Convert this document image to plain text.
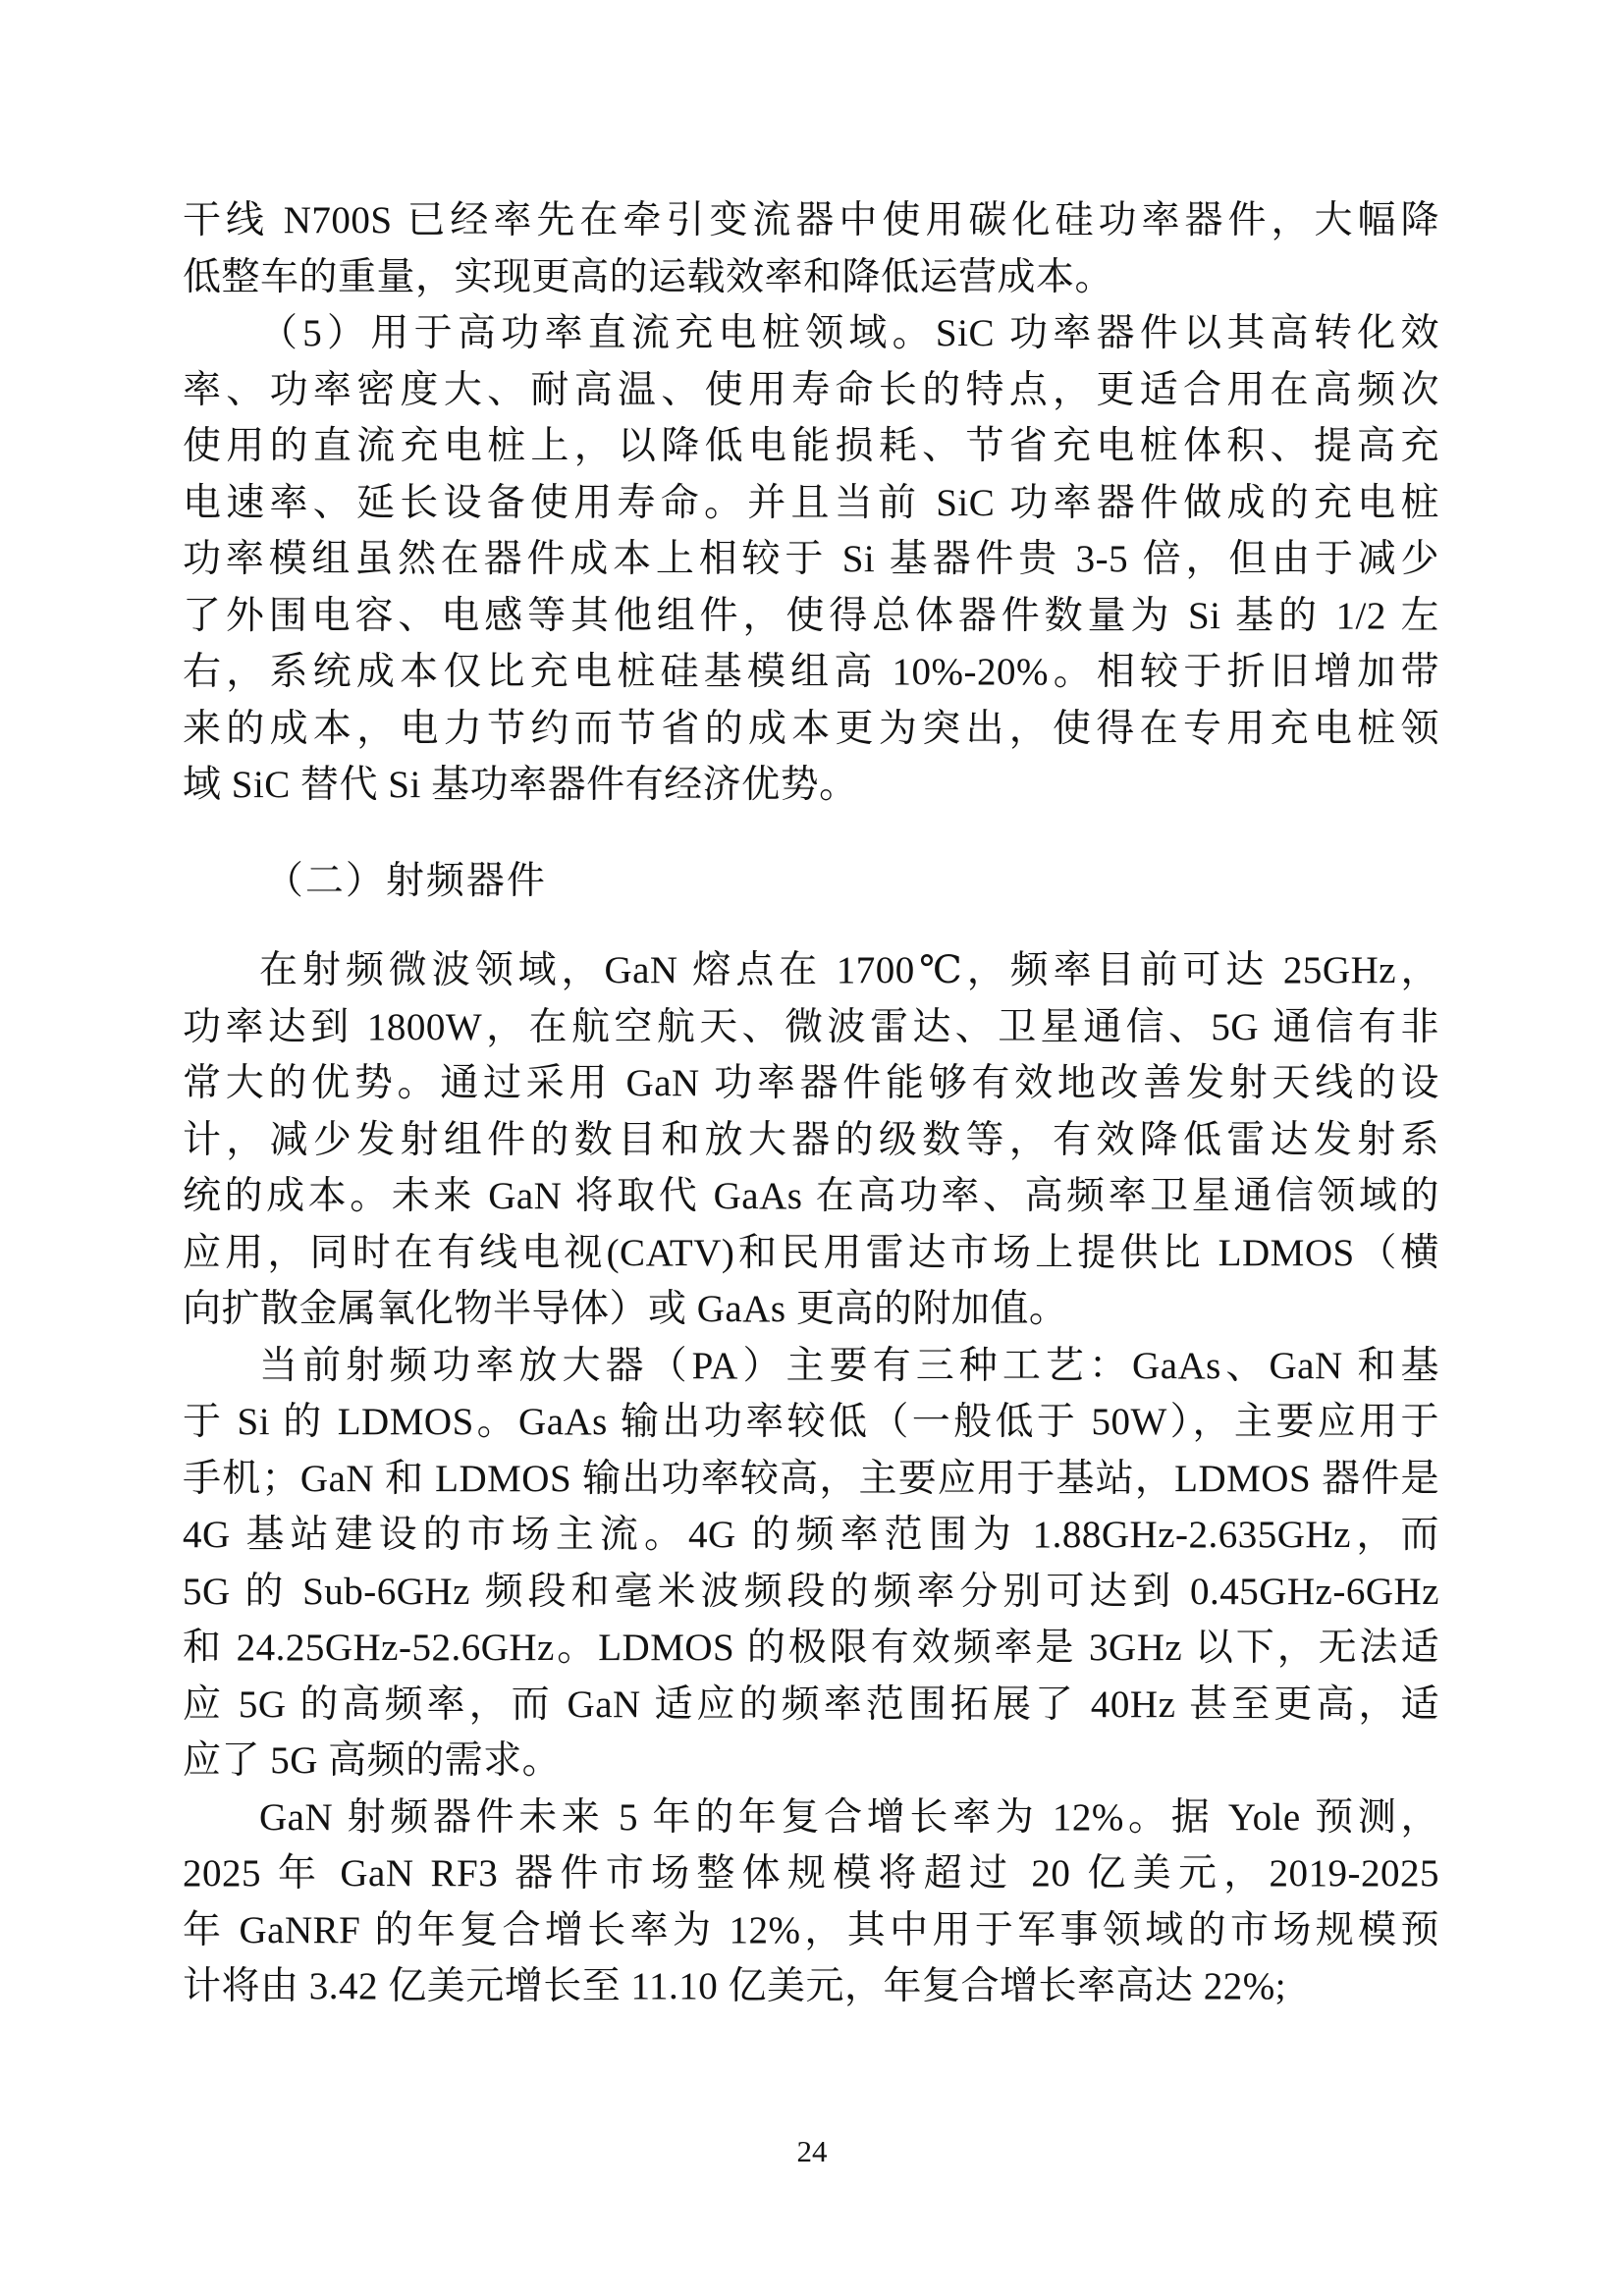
干线 N700S 已经率先在牵引变流器中使用碳化硅功率器件，大幅降
低整车的重量，实现更高的运载效率和降低运营成本。
（5）用于高功率直流充电桩领域。SiC 功率器件以其高转化效
率、功率密度大、耐高温、使用寿命长的特点，更适合用在高频次
使用的直流充电桩上，以降低电能损耗、节省充电桩体积、提高充
电速率、延长设备使用寿命。并且当前 SiC 功率器件做成的充电桩
功率模组虽然在器件成本上相较于 Si 基器件贵 3-5 倍，但由于减少
了外围电容、电感等其他组件，使得总体器件数量为 Si 基的 1/2 左
右，系统成本仅比充电桩硅基模组高 10%-20%。相较于折旧增加带
来的成本，电力节约而节省的成本更为突出，使得在专用充电桩领
域 SiC 替代 Si 基功率器件有经济优势。
（二）射频器件
在射频微波领域，GaN 熔点在 1700℃，频率目前可达 25GHz，
功率达到 1800W，在航空航天、微波雷达、卫星通信、5G 通信有非
常大的优势。通过采用 GaN 功率器件能够有效地改善发射天线的设
计，减少发射组件的数目和放大器的级数等，有效降低雷达发射系
统的成本。未来 GaN 将取代 GaAs 在高功率、高频率卫星通信领域的
应用，同时在有线电视(CATV)和民用雷达市场上提供比 LDMOS（横
向扩散金属氧化物半导体）或 GaAs 更高的附加值。
当前射频功率放大器（PA）主要有三种工艺：GaAs、GaN 和基
于 Si 的 LDMOS。GaAs 输出功率较低（一般低于 50W），主要应用于
手机；GaN 和 LDMOS 输出功率较高，主要应用于基站，LDMOS 器件是
4G 基站建设的市场主流。4G 的频率范围为 1.88GHz-2.635GHz，而
5G 的 Sub-6GHz 频段和毫米波频段的频率分别可达到 0.45GHz-6GHz
和 24.25GHz-52.6GHz。LDMOS 的极限有效频率是 3GHz 以下，无法适
应 5G 的高频率，而 GaN 适应的频率范围拓展了 40Hz 甚至更高，适
应了 5G 高频的需求。
GaN 射频器件未来 5 年的年复合增长率为 12%。据 Yole 预测，
2025 年 GaN RF3 器件市场整体规模将超过 20 亿美元，2019-2025
年 GaNRF 的年复合增长率为 12%，其中用于军事领域的市场规模预
计将由 3.42 亿美元增长至 11.10 亿美元，年复合增长率高达 22%;
24
